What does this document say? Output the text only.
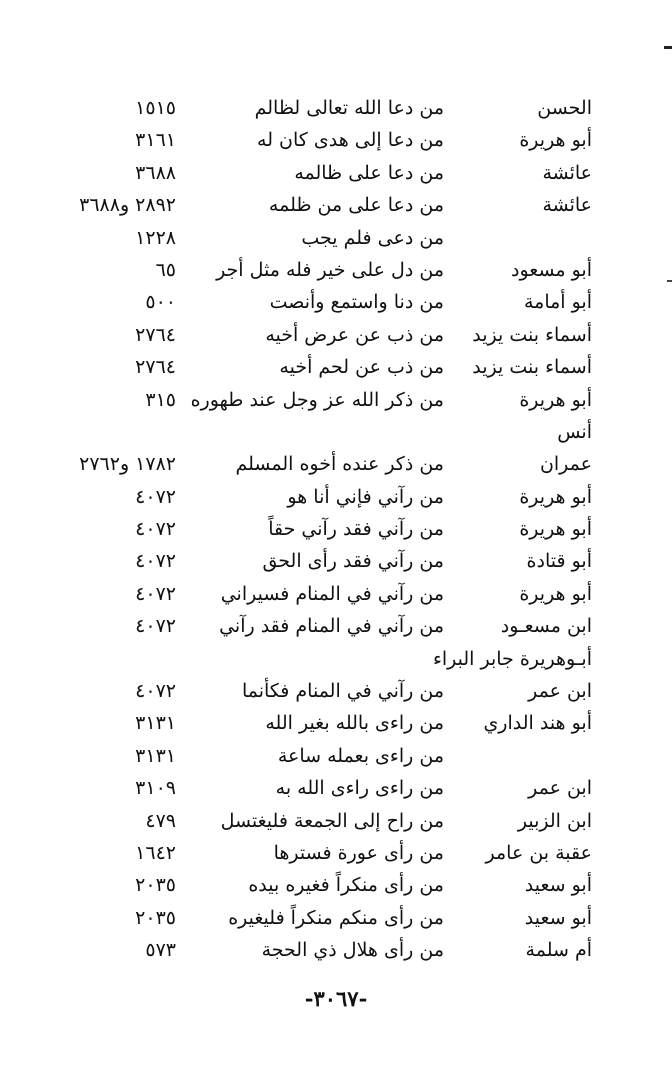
الحسن
من دعا الله تعالى لظالم
١٥١٥
أبو هريرة
من دعا إلى هدى كان له
٣١٦١
عائشة
من دعا على ظالمه
٣٦٨٨
عائشة
من دعا على من ظلمه
٢٨٩٢ و٣٦٨٨
من دعى فلم يجب
١٢٢٨
أبو مسعود
من دل على خير فله مثل أجر
٦٥
أبو أمامة
من دنا واستمع وأنصت
٥٠٠
أسماء بنت يزيد
من ذب عن عرض أخيه
٢٧٦٤
أسماء بنت يزيد
من ذب عن لحم أخيه
٢٧٦٤
أبو هريرة
من ذكر الله عز وجل عند طهوره
٣١٥
أنس
عمران
من ذكر عنده أخوه المسلم
١٧٨٢ و٢٧٦٢
أبو هريرة
من رآني فإني أنا هو
٤٠٧٢
أبو هريرة
من رآني فقد رآني حقاً
٤٠٧٢
أبو قتادة
من رآني فقد رأى الحق
٤٠٧٢
أبو هريرة
من رآني في المنام فسيراني
٤٠٧٢
ابن مسعـود
من رآني في المنام فقد رآني
٤٠٧٢
أبـوهريرة جابر البراء
ابن عمر
من رآني في المنام فكأنما
٤٠٧٢
أبو هند الداري
من راءى بالله بغير الله
٣١٣١
من راءى بعمله ساعة
٣١٣١
ابن عمر
من راءى راءى الله به
٣١٠٩
ابن الزبير
من راح إلى الجمعة فليغتسل
٤٧٩
عقبة بن عامر
من رأى عورة فسترها
١٦٤٢
أبو سعيد
من رأى منكراً فغيره بيده
٢٠٣٥
أبو سعيد
من رأى منكم منكراً فليغيره
٢٠٣٥
أم سلمة
من رأى هلال ذي الحجة
٥٧٣
-٣٠٦٧-
